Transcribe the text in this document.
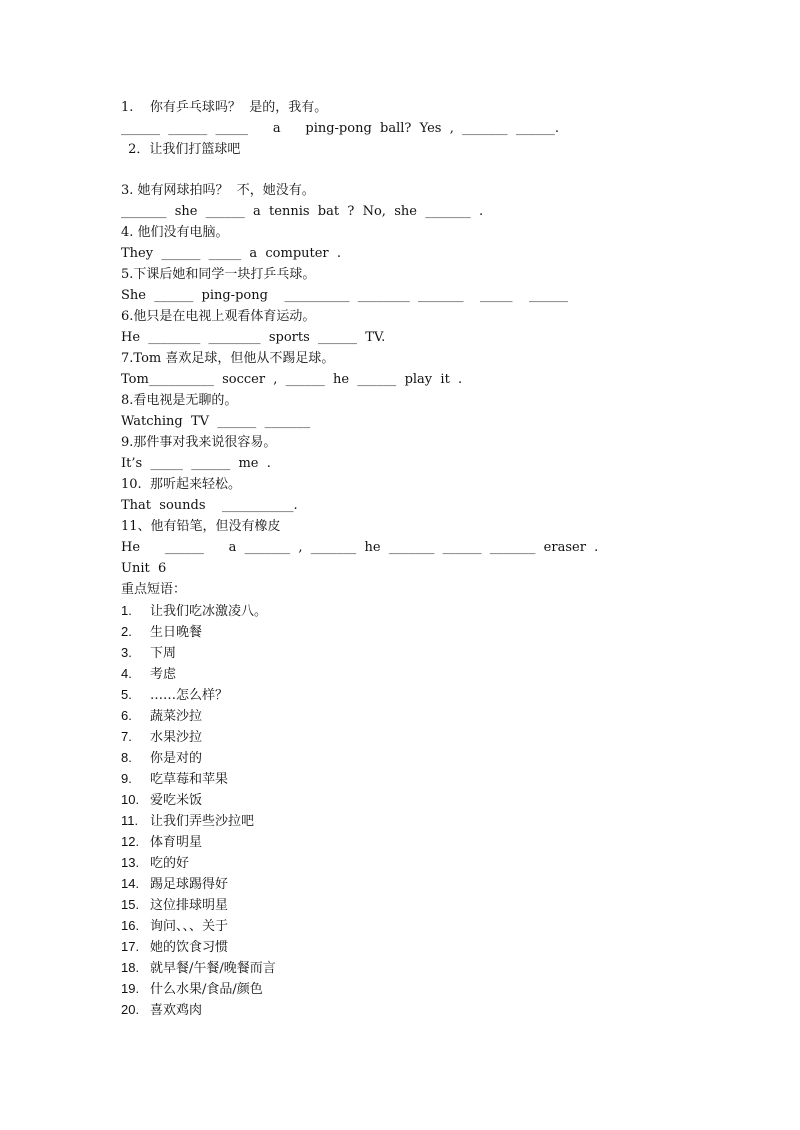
1.    你有乒乓球吗？  是的，我有。
______  ______  _____      a      ping-pong  ball?  Yes  ,  _______  ______.
2．让我们打篮球吧
3. 她有网球拍吗？  不，她没有。
_______  she  ______  a  tennis  bat  ?  No,  she  _______  .
4. 他们没有电脑。
They  ______  _____  a  computer  .
5.下课后她和同学一块打乒乓球。
She  ______  ping-pong    __________  ________  _______    _____    ______
6.他只是在电视上观看体育运动。
He  ________  ________  sports  ______  TV.
7.Tom 喜欢足球，但他从不踢足球。
Tom__________  soccer  ,  ______  he  ______  play  it  .
8.看电视是无聊的。
Watching  TV  ______  _______
9.那件事对我来说很容易。
It’s  _____  ______  me  .
10.  那听起来轻松。
That  sounds    ___________.
11、他有铅笔，但没有橡皮
He      ______      a  _______  ,  _______  he  _______  ______  _______  eraser  .
Unit  6
重点短语：
1. 让我们吃冰激凌八。
2. 生日晚餐
3. 下周
4. 考虑
5. ……怎么样？
6. 蔬菜沙拉
7. 水果沙拉
8. 你是对的
9. 吃草莓和苹果
10. 爱吃米饭
11. 让我们弄些沙拉吧
12. 体育明星
13. 吃的好
14. 踢足球踢得好
15. 这位排球明星
16. 询问、、、关于
17. 她的饮食习惯
18. 就早餐/午餐/晚餐而言
19. 什么水果/食品/颜色
20. 喜欢鸡肉
